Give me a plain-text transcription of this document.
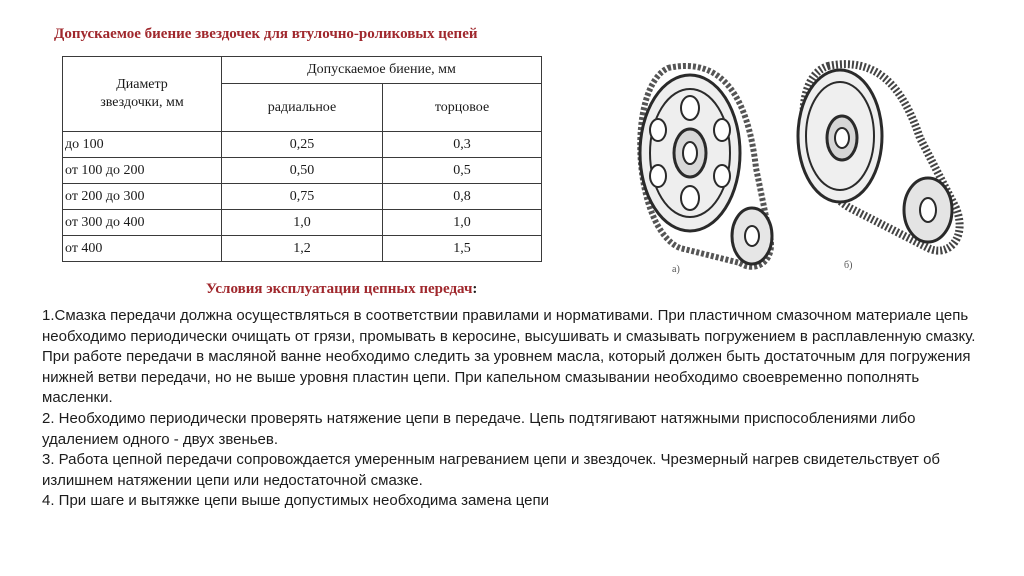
Допускаемое биение звездочек для втулочно-роликовых цепей
Диаметр
звездочки, мм	Допускаемое биение, мм	
	радиальное	торцовое
до 100	0,25	0,3
от 100 до 200	0,50	0,5
от 200 до 300	0,75	0,8
от 300 до 400	1,0	1,0
от 400	1,2	1,5
а)	б)
Условия эксплуатации цепных передач:

1.Смазка передачи должна осуществляться в соответствии правилами и нормативами. При пластичном смазочном материале цепь необходимо периодически очищать от грязи, промывать в керосине, высушивать и смазывать погружением в расплавленную смазку. При работе передачи в масляной ванне необходимо следить за уровнем масла, который должен быть достаточным для погружения нижней ветви передачи, но не выше уровня пластин цепи. При капельном смазывании необходимо своевременно пополнять масленки.

2. Необходимо периодически проверять натяжение цепи в передаче. Цепь подтягивают натяжными приспособлениями либо удалением одного - двух звеньев.

3. Работа цепной передачи сопровождается умеренным нагреванием цепи и звездочек. Чрезмерный нагрев свидетельствует об излишнем натяжении цепи или недостаточной смазке.

4. При шаге и вытяжке цепи выше допустимых необходима замена цепи
